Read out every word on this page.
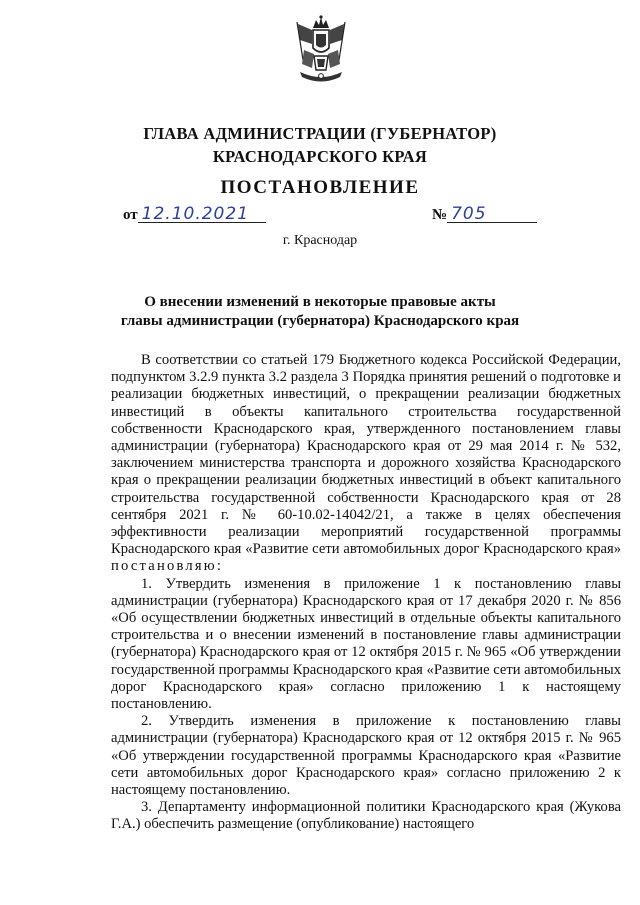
ГЛАВА АДМИНИСТРАЦИИ (ГУБЕРНАТОР)
КРАСНОДАРСКОГО КРАЯ
ПОСТАНОВЛЕНИЕ
от 12.10.2021	№ 705
г. Краснодар
О внесении изменений в некоторые правовые акты
главы администрации (губернатора) Краснодарского края

В соответствии со статьей 179 Бюджетного кодекса Российской Федерации, подпунктом 3.2.9 пункта 3.2 раздела 3 Порядка принятия решений о подготовке и реализации бюджетных инвестиций, о прекращении реализации бюджетных инвестиций в объекты капитального строительства государственной собственности Краснодарского края, утвержденного постановлением главы администрации (губернатора) Краснодарского края от 29 мая 2014 г. № 532, заключением министерства транспорта и дорожного хозяйства Краснодарского края о прекращении реализации бюджетных инвестиций в объект капитального строительства государственной собственности Краснодарского края от 28 сентября 2021 г. № 60-10.02-14042/21, а также в целях обеспечения эффективности реализации мероприятий государственной программы Краснодарского края «Развитие сети автомобильных дорог Краснодарского края» постановляю:

1. Утвердить изменения в приложение 1 к постановлению главы администрации (губернатора) Краснодарского края от 17 декабря 2020 г. № 856 «Об осуществлении бюджетных инвестиций в отдельные объекты капитального строительства и о внесении изменений в постановление главы администрации (губернатора) Краснодарского края от 12 октября 2015 г. № 965 «Об утверждении государственной программы Краснодарского края «Развитие сети автомобильных дорог Краснодарского края» согласно приложению 1 к настоящему постановлению.

2. Утвердить изменения в приложение к постановлению главы администрации (губернатора) Краснодарского края от 12 октября 2015 г. № 965 «Об утверждении государственной программы Краснодарского края «Развитие сети автомобильных дорог Краснодарского края» согласно приложению 2 к настоящему постановлению.

3. Департаменту информационной политики Краснодарского края (Жукова Г.А.) обеспечить размещение (опубликование) настоящего
